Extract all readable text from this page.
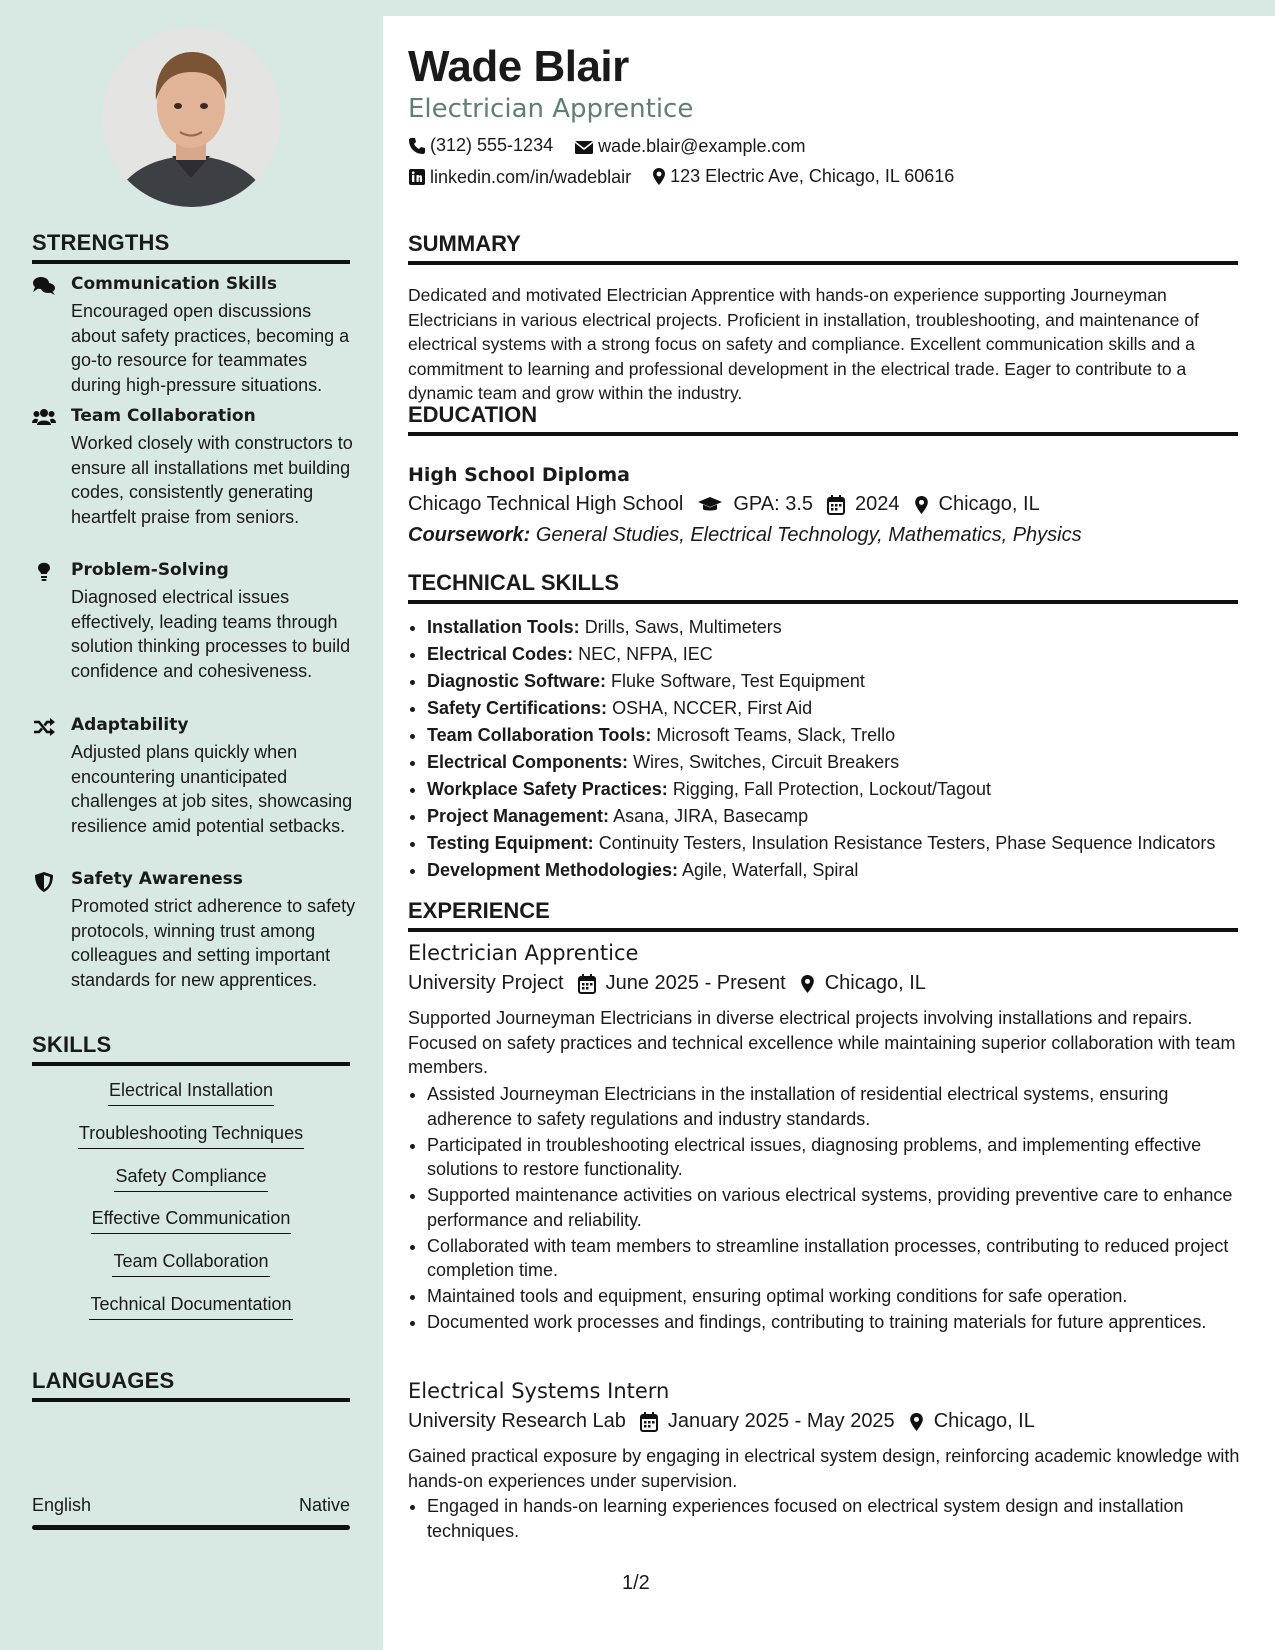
STRENGTHS
Communication Skills
Encouraged open discussions about safety practices, becoming a go-to resource for teammates during high-pressure situations.
Team Collaboration
Worked closely with constructors to ensure all installations met building codes, consistently generating heartfelt praise from seniors.
Problem-Solving
Diagnosed electrical issues effectively, leading teams through solution thinking processes to build confidence and cohesiveness.
Adaptability
Adjusted plans quickly when encountering unanticipated challenges at job sites, showcasing resilience amid potential setbacks.
Safety Awareness
Promoted strict adherence to safety protocols, winning trust among colleagues and setting important standards for new apprentices.
SKILLS
Electrical Installation
Troubleshooting Techniques
Safety Compliance
Effective Communication
Team Collaboration
Technical Documentation
LANGUAGES
English	Native
Wade Blair
Electrician Apprentice
(312) 555-1234
	wade.blair@example.com
linkedin.com/in/wadeblair
123 Electric Ave, Chicago, IL 60616
SUMMARY
Dedicated and motivated Electrician Apprentice with hands-on experience supporting Journeyman Electricians in various electrical projects. Proficient in installation, troubleshooting, and maintenance of electrical systems with a strong focus on safety and compliance. Excellent communication skills and a commitment to learning and professional development in the electrical trade. Eager to contribute to a dynamic team and grow within the industry.
EDUCATION
High School Diploma
Chicago Technical High School	GPA: 3.5 2024 Chicago, IL
Coursework: General Studies, Electrical Technology, Mathematics, Physics
TECHNICAL SKILLS
• Installation Tools: Drills, Saws, Multimeters
• Electrical Codes: NEC, NFPA, IEC
• Diagnostic Software: Fluke Software, Test Equipment
• Safety Certifications: OSHA, NCCER, First Aid
• Team Collaboration Tools: Microsoft Teams, Slack, Trello
• Electrical Components: Wires, Switches, Circuit Breakers
• Workplace Safety Practices: Rigging, Fall Protection, Lockout/Tagout
• Project Management: Asana, JIRA, Basecamp
• Testing Equipment: Continuity Testers, Insulation Resistance Testers, Phase Sequence Indicators
• Development Methodologies: Agile, Waterfall, Spiral
EXPERIENCE
Electrician Apprentice
University Project June 2025 - Present Chicago, IL
Supported Journeyman Electricians in diverse electrical projects involving installations and repairs. Focused on safety practices and technical excellence while maintaining superior collaboration with team members.
• Assisted Journeyman Electricians in the installation of residential electrical systems, ensuring adherence to safety regulations and industry standards.
• Participated in troubleshooting electrical issues, diagnosing problems, and implementing effective solutions to restore functionality.
• Supported maintenance activities on various electrical systems, providing preventive care to enhance performance and reliability.
• Collaborated with team members to streamline installation processes, contributing to reduced project completion time.
• Maintained tools and equipment, ensuring optimal working conditions for safe operation.
• Documented work processes and findings, contributing to training materials for future apprentices.
Electrical Systems Intern
University Research Lab January 2025 - May 2025 Chicago, IL
Gained practical exposure by engaging in electrical system design, reinforcing academic knowledge with hands-on experiences under supervision.
• Engaged in hands-on learning experiences focused on electrical system design and installation techniques.
1/2
